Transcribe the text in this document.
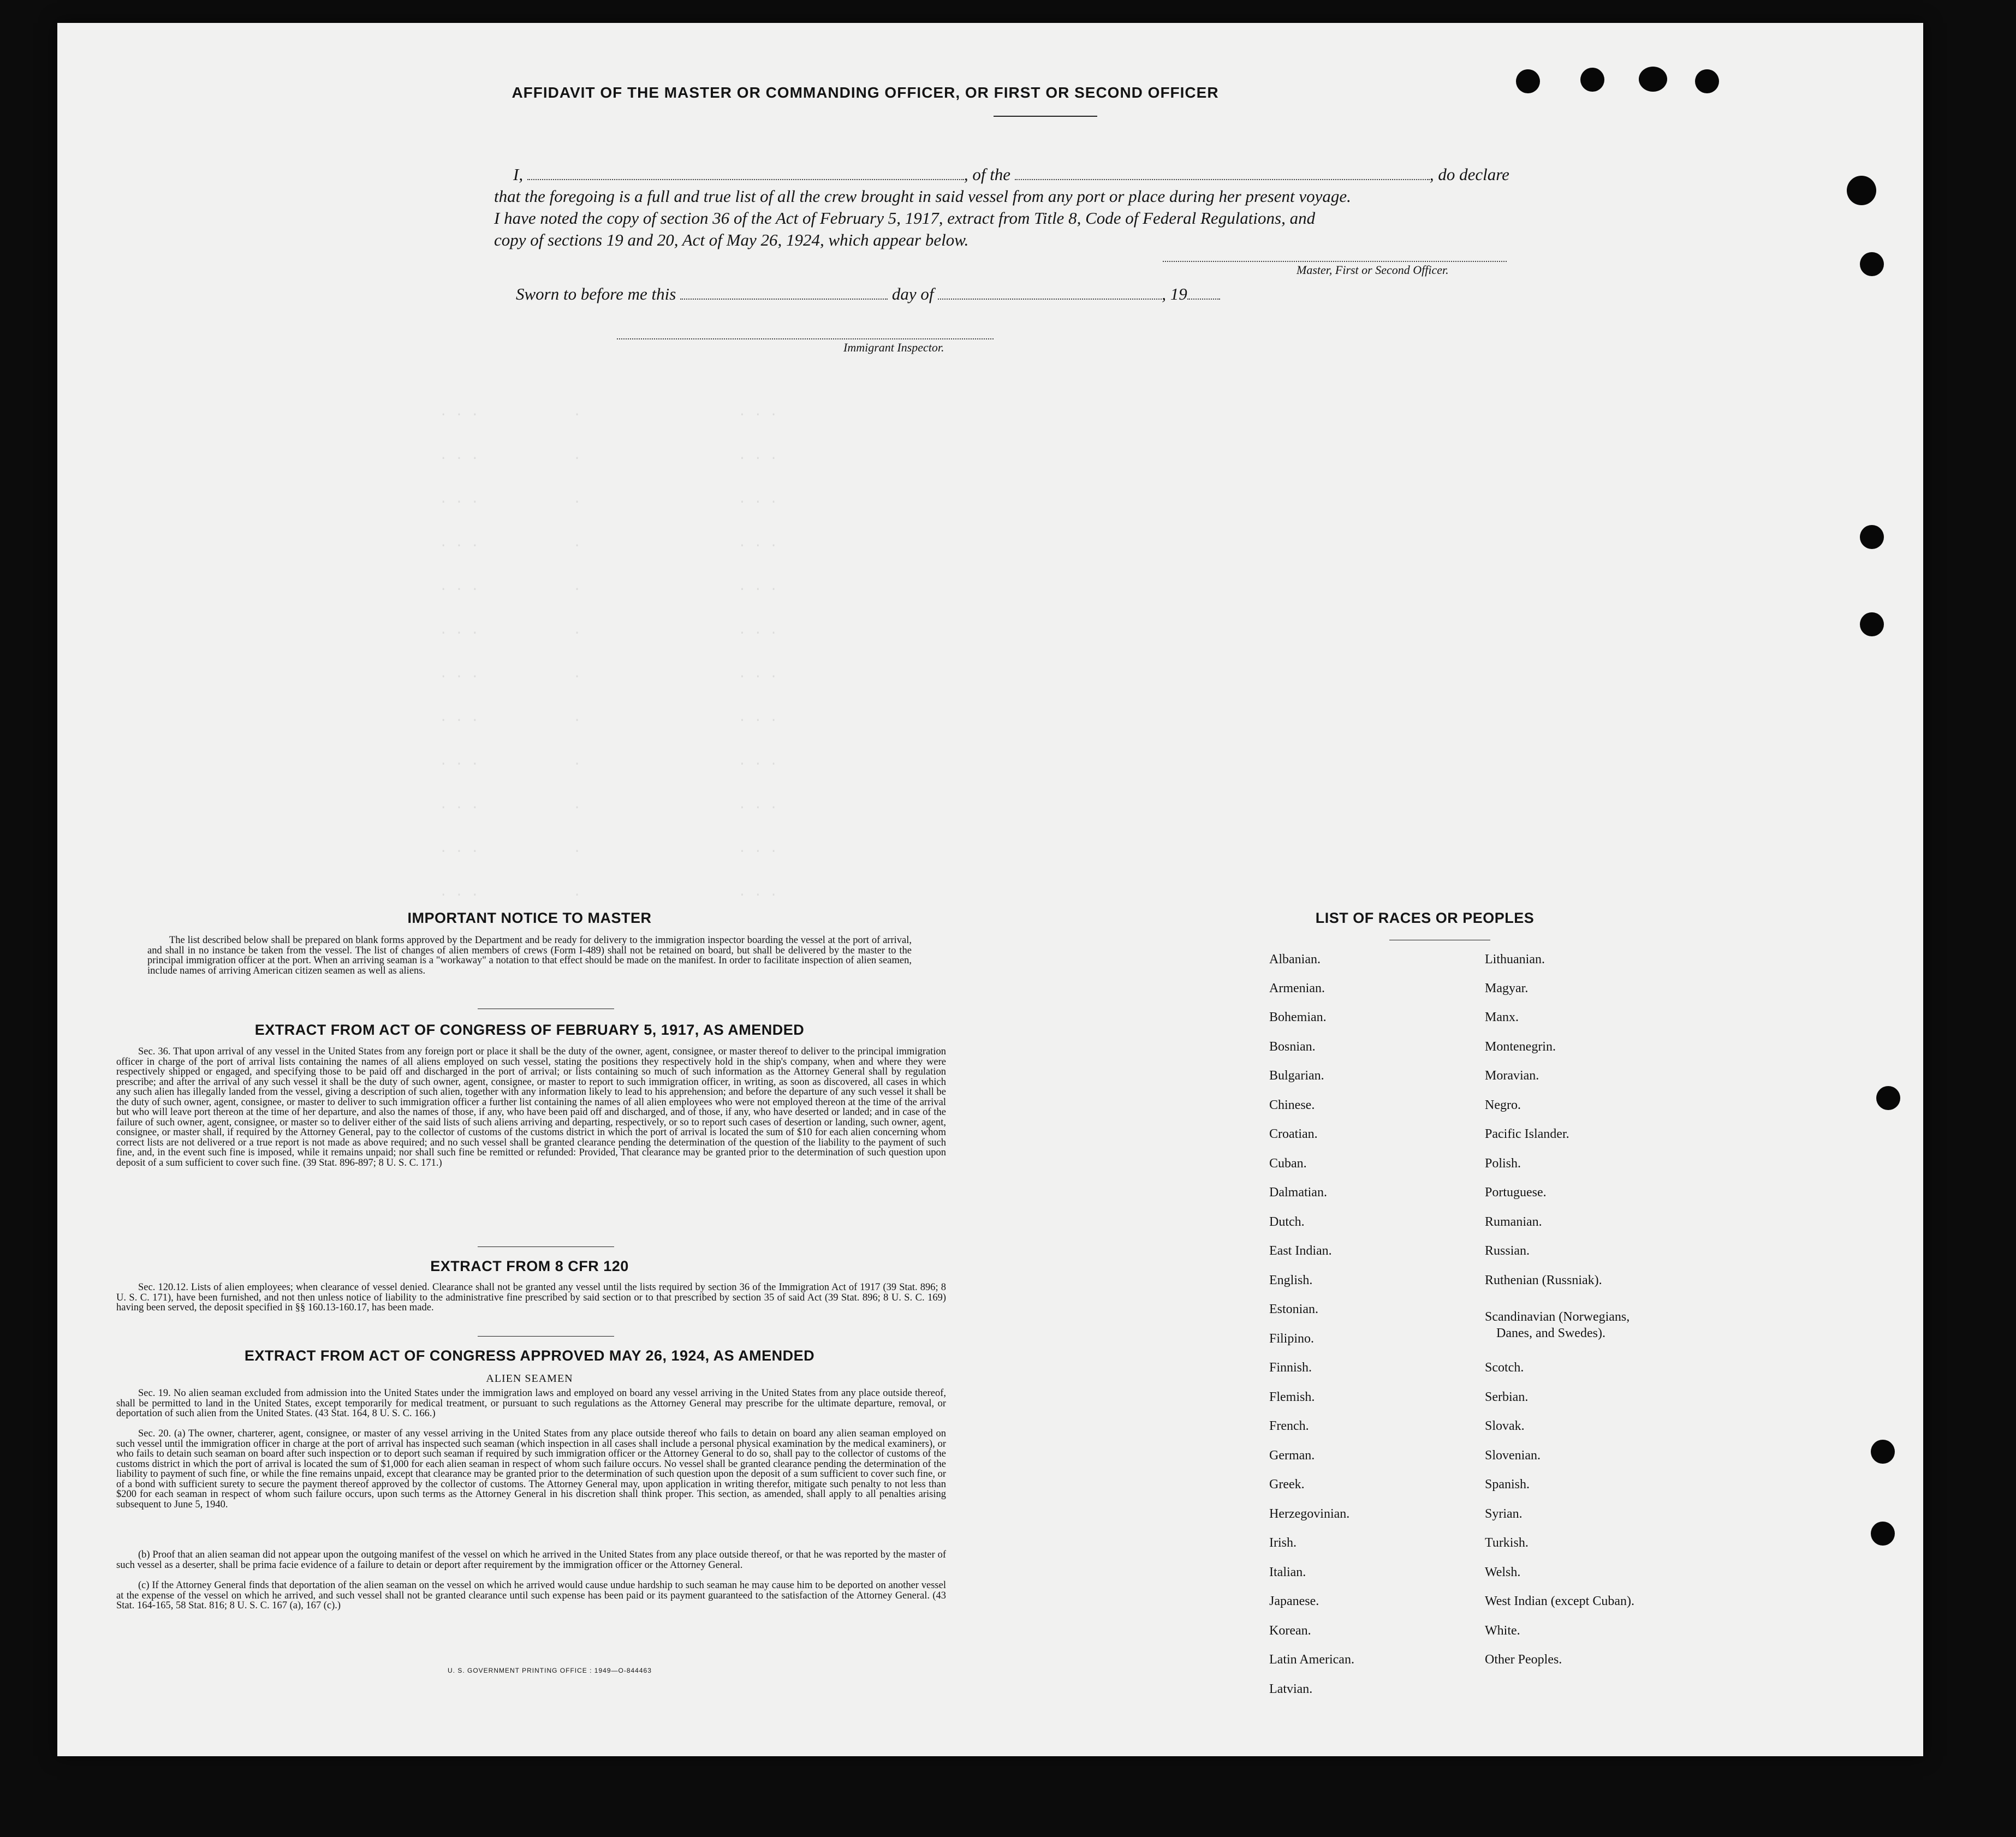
. . .            .                    . . .
. . .            .                    . . .
. . .            .                    . . .
. . .            .                    . . .
. . .            .                    . . .
. . .            .                    . . .
. . .            .                    . . .
. . .            .                    . . .
. . .            .                    . . .
. . .            .                    . . .
. . .            .                    . . .
. . .            .                    . . .
AFFIDAVIT OF THE MASTER OR COMMANDING OFFICER, OR FIRST OR SECOND OFFICER
I,	, of the	, do declare
that the foregoing is a full and true list of all the crew brought in said vessel from any port or place during her present voyage.
I have noted the copy of section 36 of the Act of February 5, 1917, extract from Title 8, Code of Federal Regulations, and
copy of sections 19 and 20, Act of May 26, 1924, which appear below.
Master, First or Second Officer.
Sworn to before me this	day of	, 19
Immigrant Inspector.
IMPORTANT NOTICE TO MASTER
The list described below shall be prepared on blank forms approved by the Department and be ready for delivery to the immigration inspector boarding the vessel at the port of arrival, and shall in no instance be taken from the vessel. The list of changes of alien members of crews (Form I-489) shall not be retained on board, but shall be delivered by the master to the principal immigration officer at the port. When an arriving seaman is a "workaway" a notation to that effect should be made on the manifest. In order to facilitate inspection of alien seamen, include names of arriving American citizen seamen as well as aliens.
EXTRACT FROM ACT OF CONGRESS OF FEBRUARY 5, 1917, AS AMENDED
Sec. 36. That upon arrival of any vessel in the United States from any foreign port or place it shall be the duty of the owner, agent, consignee, or master thereof to deliver to the principal immigration officer in charge of the port of arrival lists containing the names of all aliens employed on such vessel, stating the positions they respectively hold in the ship's company, when and where they were respectively shipped or engaged, and specifying those to be paid off and discharged in the port of arrival; or lists containing so much of such information as the Attorney General shall by regulation prescribe; and after the arrival of any such vessel it shall be the duty of such owner, agent, consignee, or master to report to such immigration officer, in writing, as soon as discovered, all cases in which any such alien has illegally landed from the vessel, giving a description of such alien, together with any information likely to lead to his apprehension; and before the departure of any such vessel it shall be the duty of such owner, agent, consignee, or master to deliver to such immigration officer a further list containing the names of all alien employees who were not employed thereon at the time of the arrival but who will leave port thereon at the time of her departure, and also the names of those, if any, who have been paid off and discharged, and of those, if any, who have deserted or landed; and in case of the failure of such owner, agent, consignee, or master so to deliver either of the said lists of such aliens arriving and departing, respectively, or so to report such cases of desertion or landing, such owner, agent, consignee, or master shall, if required by the Attorney General, pay to the collector of customs of the customs district in which the port of arrival is located the sum of $10 for each alien concerning whom correct lists are not delivered or a true report is not made as above required; and no such vessel shall be granted clearance pending the determination of the question of the liability to the payment of such fine, and, in the event such fine is imposed, while it remains unpaid; nor shall such fine be remitted or refunded: Provided, That clearance may be granted prior to the determination of such question upon deposit of a sum sufficient to cover such fine. (39 Stat. 896-897; 8 U. S. C. 171.)
EXTRACT FROM 8 CFR 120
Sec. 120.12. Lists of alien employees; when clearance of vessel denied. Clearance shall not be granted any vessel until the lists required by section 36 of the Immigration Act of 1917 (39 Stat. 896; 8 U. S. C. 171), have been furnished, and not then unless notice of liability to the administrative fine prescribed by said section or to that prescribed by section 35 of said Act (39 Stat. 896; 8 U. S. C. 169) having been served, the deposit specified in §§ 160.13-160.17, has been made.
EXTRACT FROM ACT OF CONGRESS APPROVED MAY 26, 1924, AS AMENDED
ALIEN SEAMEN
Sec. 19. No alien seaman excluded from admission into the United States under the immigration laws and employed on board any vessel arriving in the United States from any place outside thereof, shall be permitted to land in the United States, except temporarily for medical treatment, or pursuant to such regulations as the Attorney General may prescribe for the ultimate departure, removal, or deportation of such alien from the United States. (43 Stat. 164, 8 U. S. C. 166.)
Sec. 20. (a) The owner, charterer, agent, consignee, or master of any vessel arriving in the United States from any place outside thereof who fails to detain on board any alien seaman employed on such vessel until the immigration officer in charge at the port of arrival has inspected such seaman (which inspection in all cases shall include a personal physical examination by the medical examiners), or who fails to detain such seaman on board after such inspection or to deport such seaman if required by such immigration officer or the Attorney General to do so, shall pay to the collector of customs of the customs district in which the port of arrival is located the sum of $1,000 for each alien seaman in respect of whom such failure occurs. No vessel shall be granted clearance pending the determination of the liability to payment of such fine, or while the fine remains unpaid, except that clearance may be granted prior to the determination of such question upon the deposit of a sum sufficient to cover such fine, or of a bond with sufficient surety to secure the payment thereof approved by the collector of customs. The Attorney General may, upon application in writing therefor, mitigate such penalty to not less than $200 for each seaman in respect of whom such failure occurs, upon such terms as the Attorney General in his discretion shall think proper. This section, as amended, shall apply to all penalties arising subsequent to June 5, 1940.
(b) Proof that an alien seaman did not appear upon the outgoing manifest of the vessel on which he arrived in the United States from any place outside thereof, or that he was reported by the master of such vessel as a deserter, shall be prima facie evidence of a failure to detain or deport after requirement by the immigration officer or the Attorney General.
(c) If the Attorney General finds that deportation of the alien seaman on the vessel on which he arrived would cause undue hardship to such seaman he may cause him to be deported on another vessel at the expense of the vessel on which he arrived, and such vessel shall not be granted clearance until such expense has been paid or its payment guaranteed to the satisfaction of the Attorney General. (43 Stat. 164-165, 58 Stat. 816; 8 U. S. C. 167 (a), 167 (c).)
U. S. GOVERNMENT PRINTING OFFICE : 1949—O-844463
LIST OF RACES OR PEOPLES
Albanian.
Armenian.
Bohemian.
Bosnian.
Bulgarian.
Chinese.
Croatian.
Cuban.
Dalmatian.
Dutch.
East Indian.
English.
Estonian.
Filipino.
Finnish.
Flemish.
French.
German.
Greek.
Herzegovinian.
Irish.
Italian.
Japanese.
Korean.
Latin American.
Latvian.
Lithuanian.
Magyar.
Manx.
Montenegrin.
Moravian.
Negro.
Pacific Islander.
Polish.
Portuguese.
Rumanian.
Russian.
Ruthenian (Russniak).
Scandinavian (Norwegians,
Danes, and Swedes).
Scotch.
Serbian.
Slovak.
Slovenian.
Spanish.
Syrian.
Turkish.
Welsh.
West Indian (except Cuban).
White.
Other Peoples.
